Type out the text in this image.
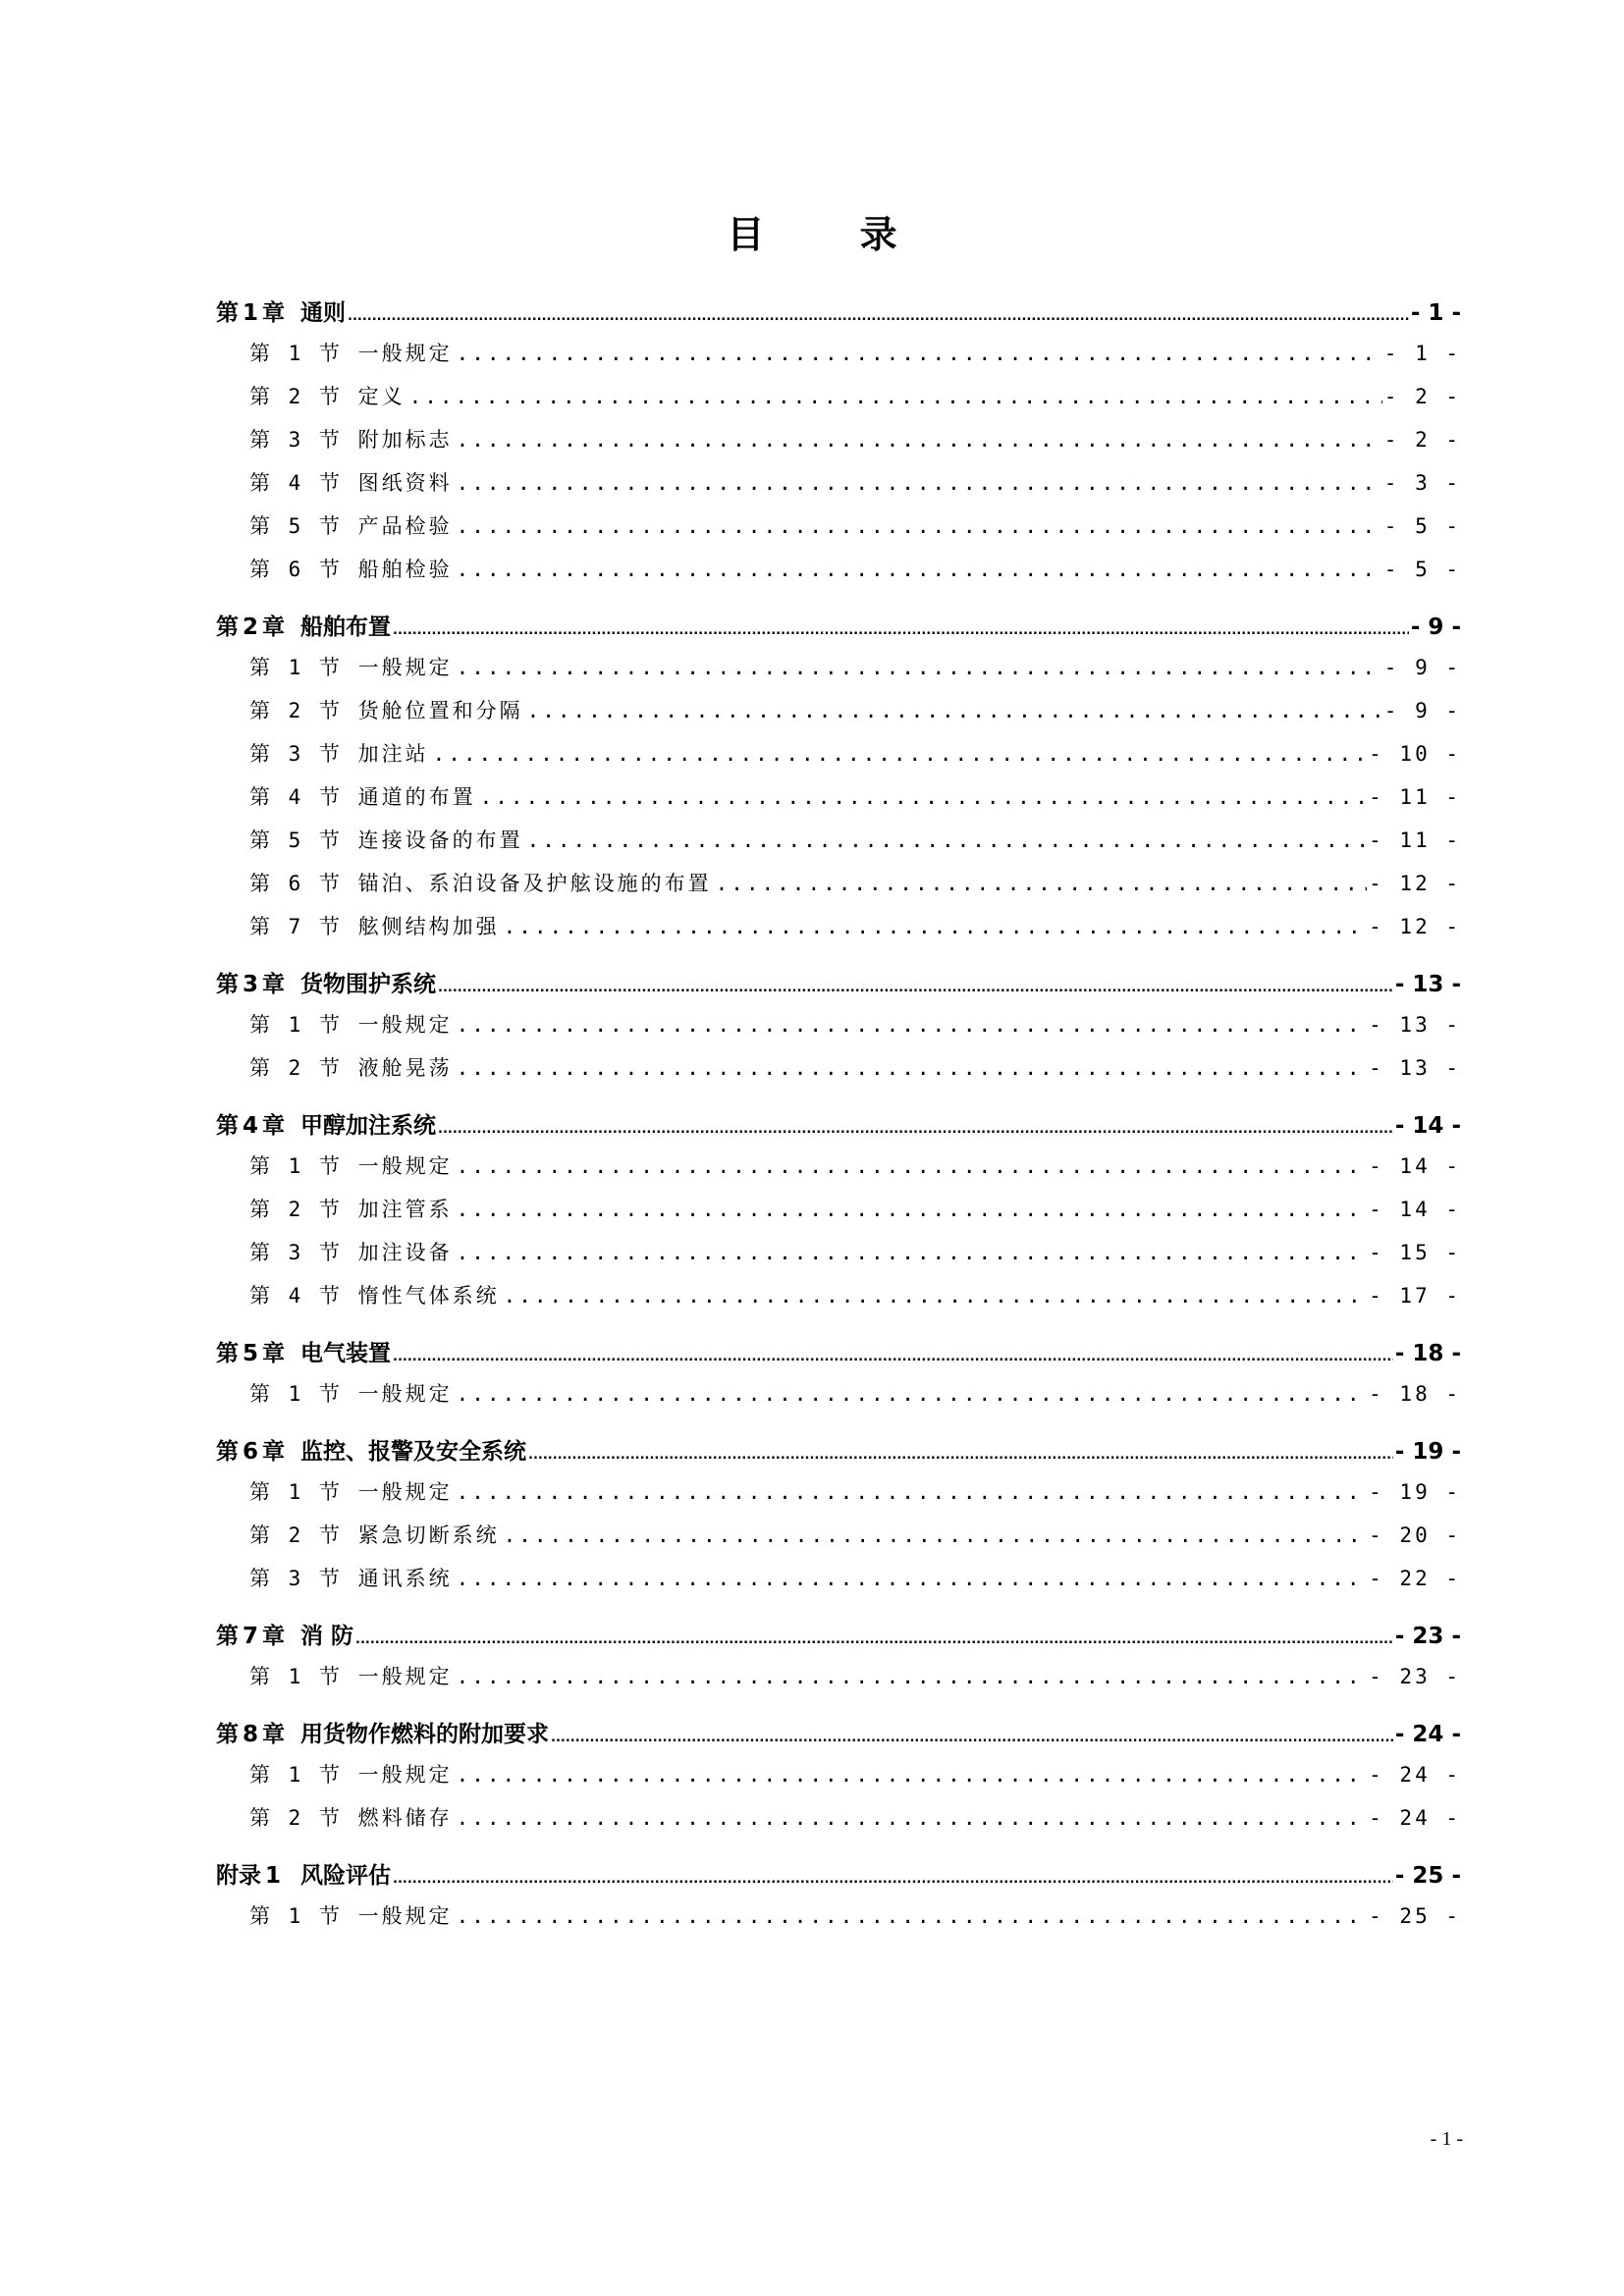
目 录
第 1 章 通则 .....	- 1 -
第 1 节 一般规定 .....	- 1 -
第 2 节 定义 .....	- 2 -
第 3 节 附加标志 .....	- 2 -
第 4 节 图纸资料 .....	- 3 -
第 5 节 产品检验 .....	- 5 -
第 6 节 船舶检验 .....	- 5 -
第 2 章 船舶布置 .....	- 9 -
第 1 节 一般规定 .....	- 9 -
第 2 节 货舱位置和分隔 .....	- 9 -
第 3 节 加注站 .....	- 10 -
第 4 节 通道的布置 .....	- 11 -
第 5 节 连接设备的布置 .....	- 11 -
第 6 节 锚泊、系泊设备及护舷设施的布置 .....	- 12 -
第 7 节 舷侧结构加强 .....	- 12 -
第 3 章 货物围护系统 .....	- 13 -
第 1 节 一般规定 .....	- 13 -
第 2 节 液舱晃荡 .....	- 13 -
第 4 章 甲醇加注系统 .....	- 14 -
第 1 节 一般规定 .....	- 14 -
第 2 节 加注管系 .....	- 14 -
第 3 节 加注设备 .....	- 15 -
第 4 节 惰性气体系统 .....	- 17 -
第 5 章 电气装置 .....	- 18 -
第 1 节 一般规定 .....	- 18 -
第 6 章 监控、报警及安全系统 .....	- 19 -
第 1 节 一般规定 .....	- 19 -
第 2 节 紧急切断系统 .....	- 20 -
第 3 节 通讯系统 .....	- 22 -
第 7 章 消 防 .....	- 23 -
第 1 节 一般规定 .....	- 23 -
第 8 章 用货物作燃料的附加要求 .....	- 24 -
第 1 节 一般规定 .....	- 24 -
第 2 节 燃料储存 .....	- 24 -
附录 1 风险评估 .....	- 25 -
第 1 节 一般规定 .....	- 25 -
- 1 -
